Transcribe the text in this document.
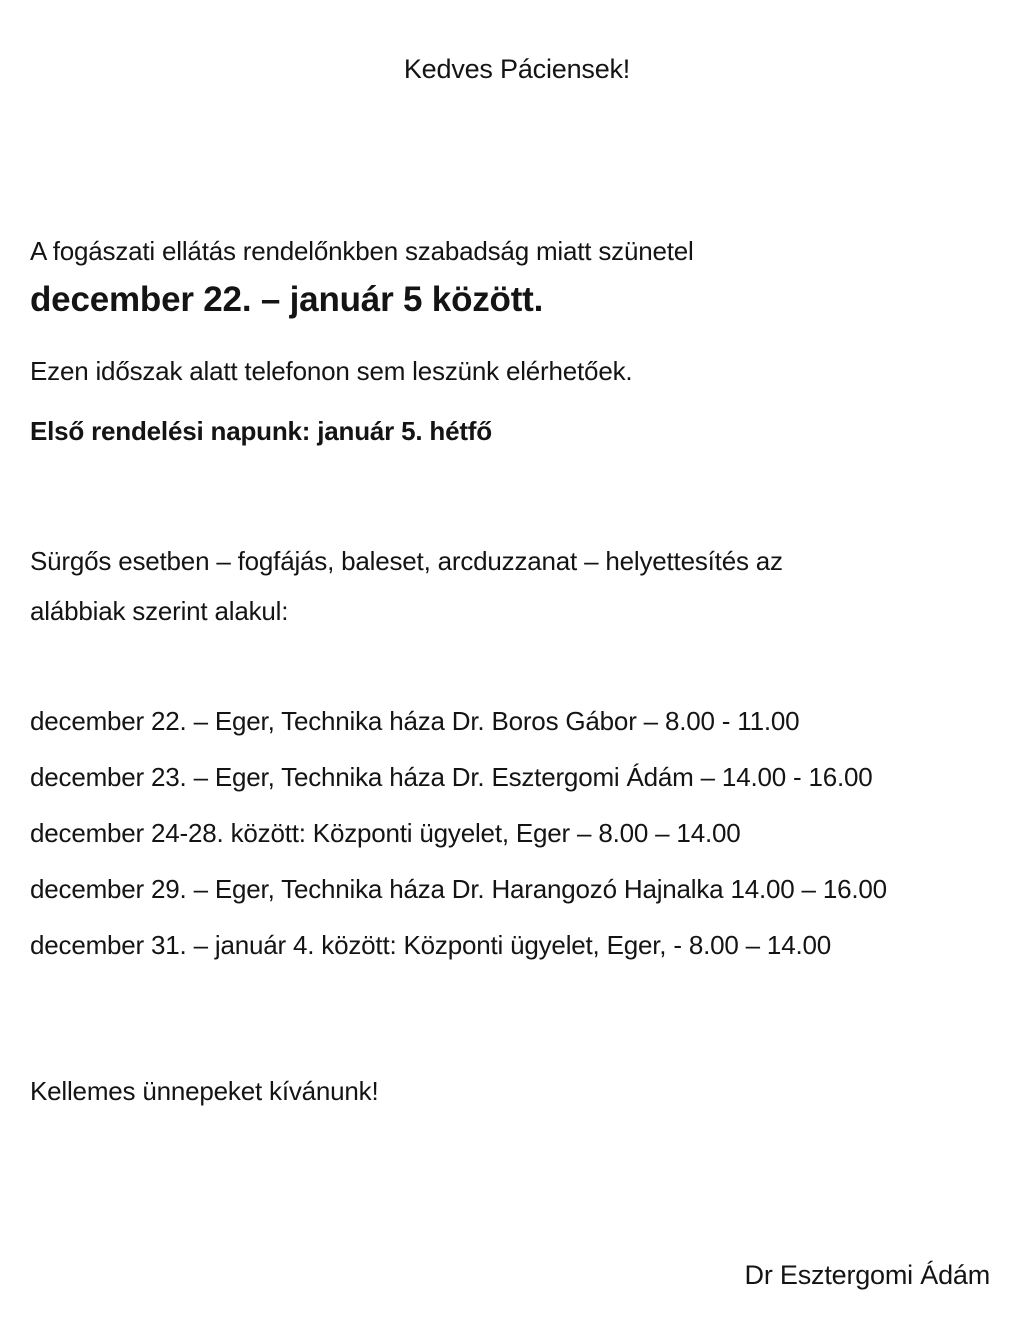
Kedves Páciensek!

A fogászati ellátás rendelőnkben szabadság miatt szünetel

december 22. – január 5 között.

Ezen időszak alatt telefonon sem leszünk elérhetőek.

Első rendelési napunk: január 5. hétfő

Sürgős esetben – fogfájás, baleset, arcduzzanat – helyettesítés az
alábbiak szerint alakul:

december 22. – Eger, Technika háza Dr. Boros Gábor – 8.00 - 11.00

december 23. – Eger, Technika háza Dr. Esztergomi Ádám – 14.00 - 16.00

december 24-28. között: Központi ügyelet, Eger – 8.00 – 14.00

december 29. – Eger, Technika háza Dr. Harangozó Hajnalka 14.00 – 16.00

december 31. – január 4. között: Központi ügyelet, Eger, - 8.00 – 14.00

Kellemes ünnepeket kívánunk!

Dr Esztergomi Ádám
